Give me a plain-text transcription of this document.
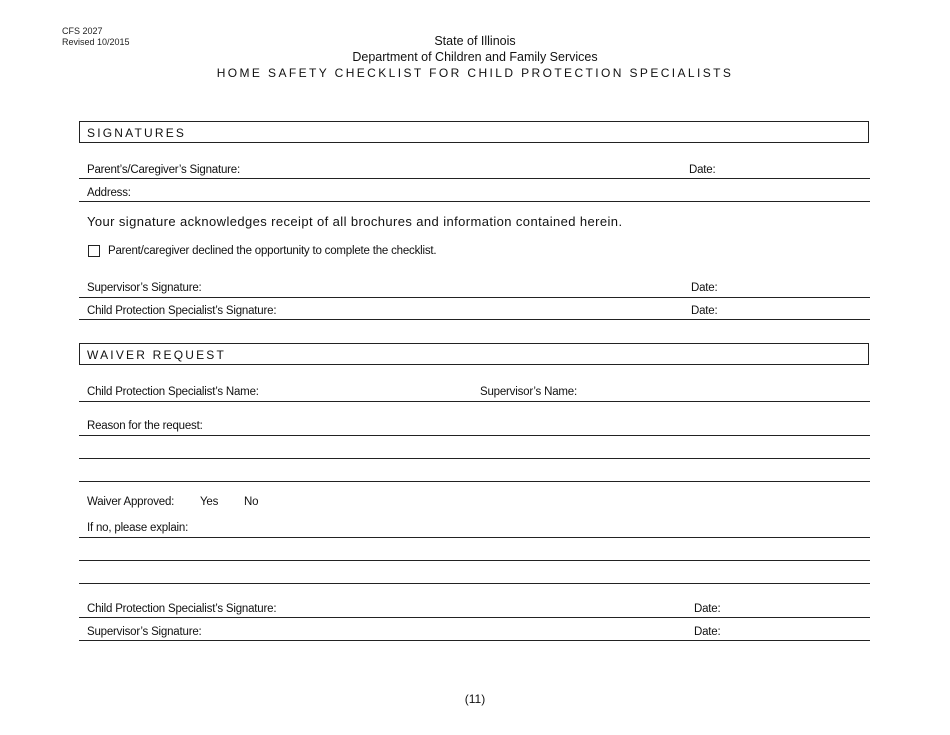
CFS 2027
Revised 10/2015	State of Illinois
Department of Children and Family Services
HOME SAFETY CHECKLIST FOR CHILD PROTECTION SPECIALISTS
SIGNATURES
Parent’s/Caregiver’s Signature:	Date:
Address:
Your signature acknowledges receipt of all brochures and information contained herein.
Parent/caregiver declined the opportunity to complete the checklist.
Supervisor’s Signature:	Date:
Child Protection Specialist’s Signature:	Date:
WAIVER REQUEST
Child Protection Specialist’s Name:	Supervisor’s Name:
Reason for the request:
Waiver Approved: Yes No
If no, please explain:
Child Protection Specialist’s Signature:	Date:
Supervisor’s Signature:	Date:
(11)
